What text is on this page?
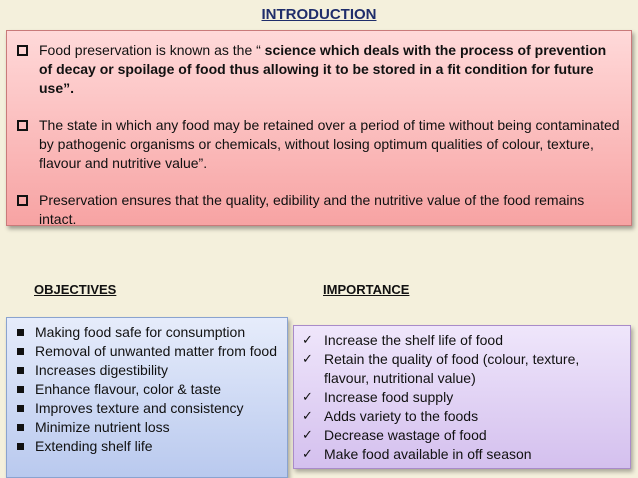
INTRODUCTION
Food preservation is known as the “ science which deals with the process of prevention of decay or spoilage of food thus allowing it to be stored in a fit condition for future use”.
The state in which any food may be retained over a period of time without being contaminated by pathogenic organisms or chemicals, without losing optimum qualities of colour, texture, flavour and nutritive value”.
Preservation ensures that the quality, edibility and the nutritive value of the food remains intact.
OBJECTIVES	IMPORTANCE
Making food safe for consumption
Removal of unwanted matter from food
Increases digestibility
Enhance flavour, color & taste
Improves texture and consistency
Minimize nutrient loss
Extending shelf life
✓ Increase the shelf life of food
✓ Retain the quality of food (colour, texture, flavour, nutritional value)
✓ Increase food supply
✓ Adds variety to the foods
✓ Decrease wastage of food
✓ Make food available in off season
